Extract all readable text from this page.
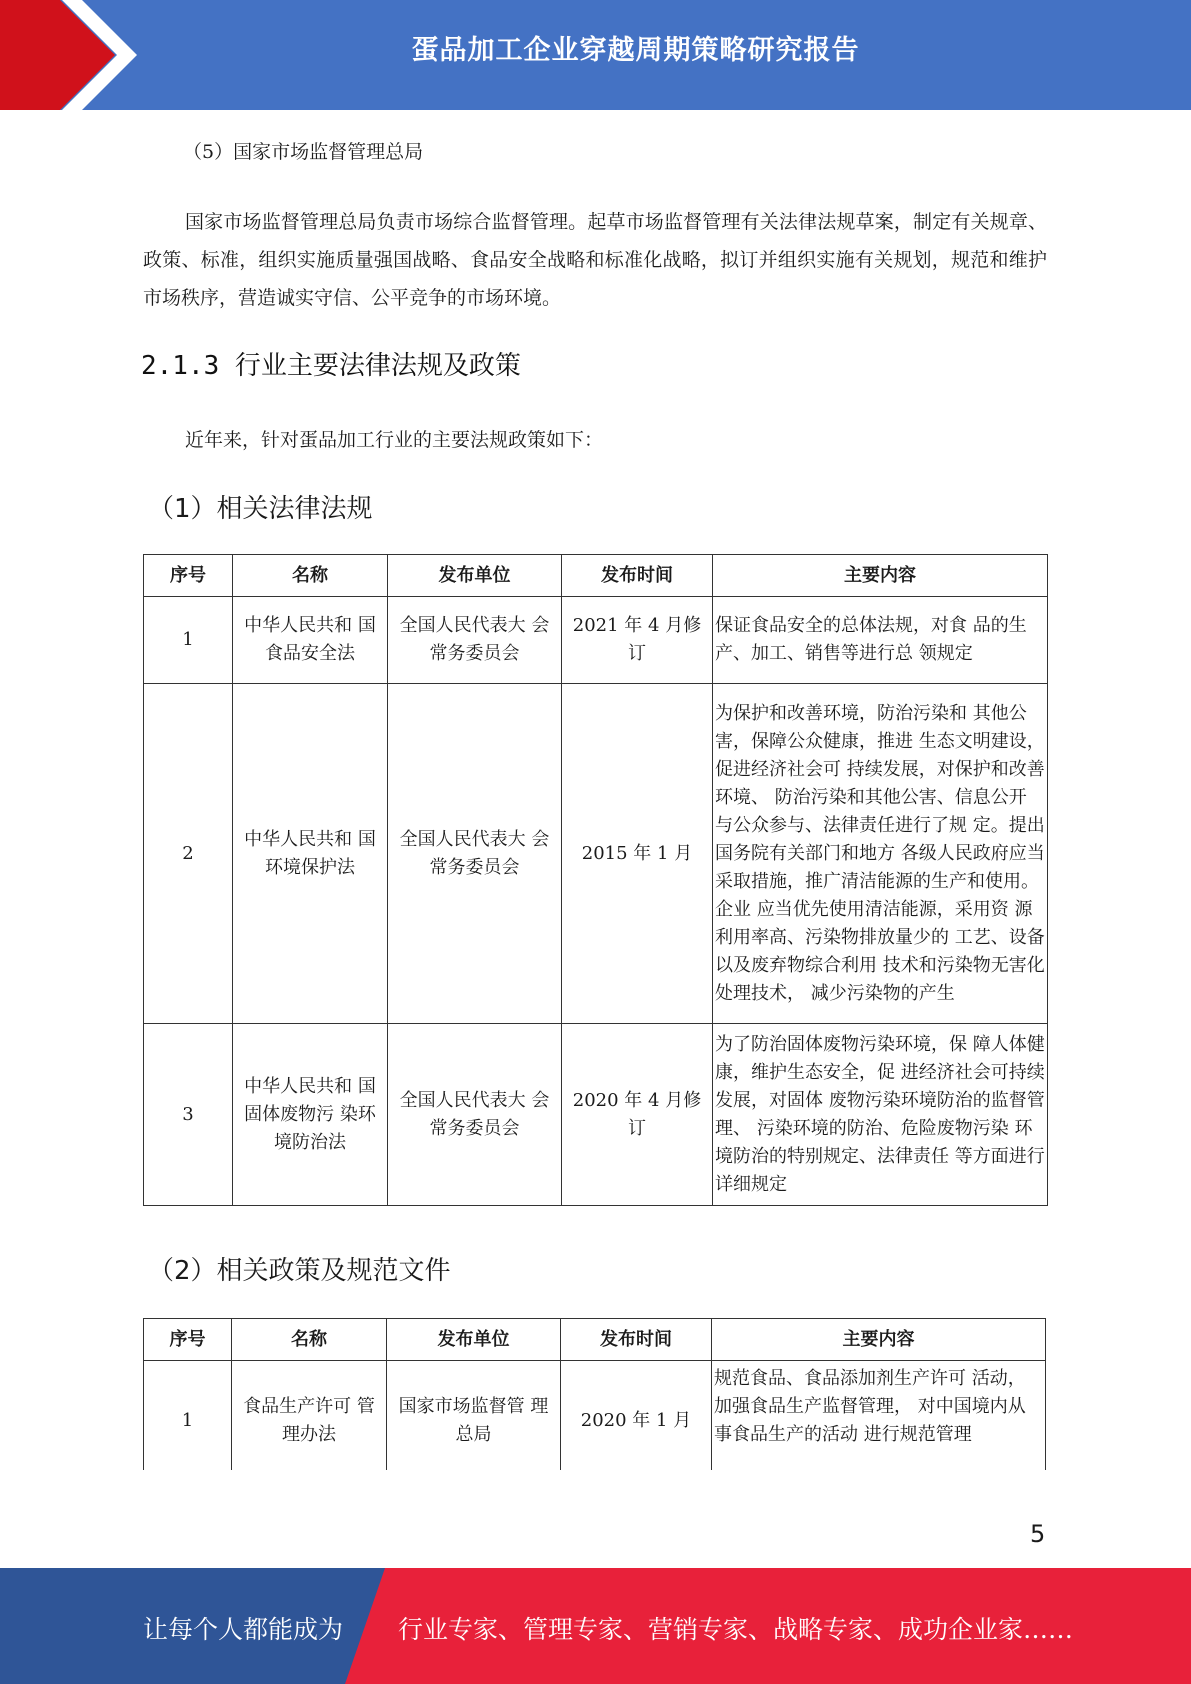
蛋品加工企业穿越周期策略研究报告
（5）国家市场监督管理总局
国家市场监督管理总局负责市场综合监督管理。起草市场监督管理有关法律法规草案，制定有关规章、政策、标准，组织实施质量强国战略、食品安全战略和标准化战略，拟订并组织实施有关规划，规范和维护市场秩序，营造诚实守信、公平竞争的市场环境。
2.1.3 行业主要法律法规及政策
近年来，针对蛋品加工行业的主要法规政策如下：
（1）相关法律法规
序号	名称	发布单位	发布时间	主要内容
1	中华人民共和 国食品安全法	全国人民代表大 会常务委员会	2021 年 4 月修订	保证食品安全的总体法规，对食 品的生产、加工、销售等进行总 领规定
2	中华人民共和 国环境保护法	全国人民代表大 会常务委员会	2015 年 1 月	为保护和改善环境，防治污染和 其他公害，保障公众健康，推进 生态文明建设，促进经济社会可 持续发展，对保护和改善环境、 防治污染和其他公害、信息公开 与公众参与、法律责任进行了规 定。提出国务院有关部门和地方 各级人民政府应当采取措施，推广清洁能源的生产和使用。企业 应当优先使用清洁能源，采用资 源利用率高、污染物排放量少的 工艺、设备以及废弃物综合利用 技术和污染物无害化处理技术， 减少污染物的产生
3	中华人民共和 国固体废物污 染环境防治法	全国人民代表大 会常务委员会	2020 年 4 月修订	为了防治固体废物污染环境，保 障人体健康，维护生态安全，促 进经济社会可持续发展，对固体 废物污染环境防治的监督管理、 污染环境的防治、危险废物污染 环境防治的特别规定、法律责任 等方面进行详细规定
（2）相关政策及规范文件
序号	名称	发布单位	发布时间	主要内容
1	食品生产许可 管理办法	国家市场监督管 理总局	2020 年 1 月	规范食品、食品添加剂生产许可 活动，加强食品生产监督管理， 对中国境内从事食品生产的活动 进行规范管理
5
让每个人都能成为 行业专家、管理专家、营销专家、战略专家、成功企业家……
